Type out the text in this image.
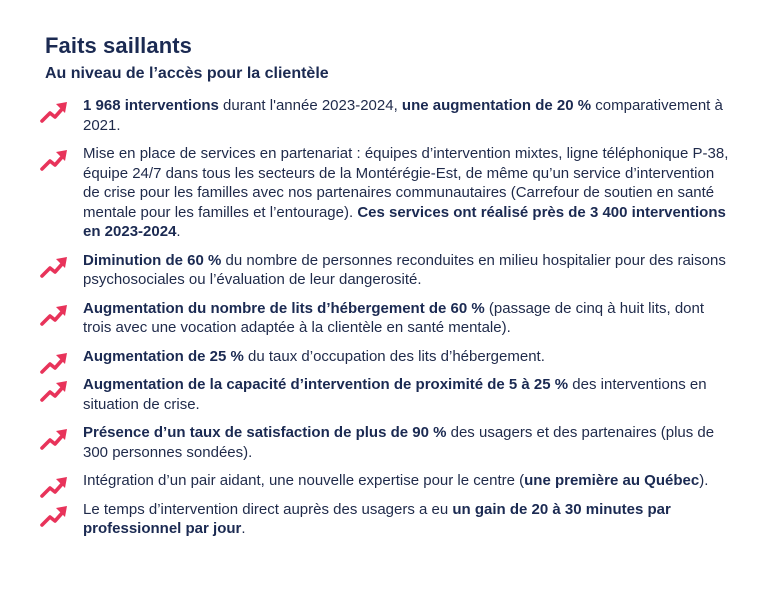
Faits saillants
Au niveau de l’accès pour la clientèle
1 968 interventions durant l'année 2023-2024, une augmentation de 20 % comparativement à 2021.
Mise en place de services en partenariat : équipes d’intervention mixtes, ligne téléphonique P-38, équipe 24/7 dans tous les secteurs de la Montérégie-Est, de même qu’un service d’intervention de crise pour les familles avec nos partenaires communautaires (Carrefour de soutien en santé mentale pour les familles et l’entourage). Ces services ont réalisé près de 3 400 interventions en 2023-2024.
Diminution de 60 % du nombre de personnes reconduites en milieu hospitalier pour des raisons psychosociales ou l’évaluation de leur dangerosité.
Augmentation du nombre de lits d’hébergement de 60 % (passage de cinq à huit lits, dont trois avec une vocation adaptée à la clientèle en santé mentale).
Augmentation de 25 % du taux d’occupation des lits d’hébergement.
Augmentation de la capacité d’intervention de proximité de 5 à 25 % des interventions en situation de crise.
Présence d’un taux de satisfaction de plus de 90 % des usagers et des partenaires (plus de 300 personnes sondées).
Intégration d’un pair aidant, une nouvelle expertise pour le centre (une première au Québec).
Le temps d’intervention direct auprès des usagers a eu un gain de 20 à 30 minutes par professionnel par jour.
